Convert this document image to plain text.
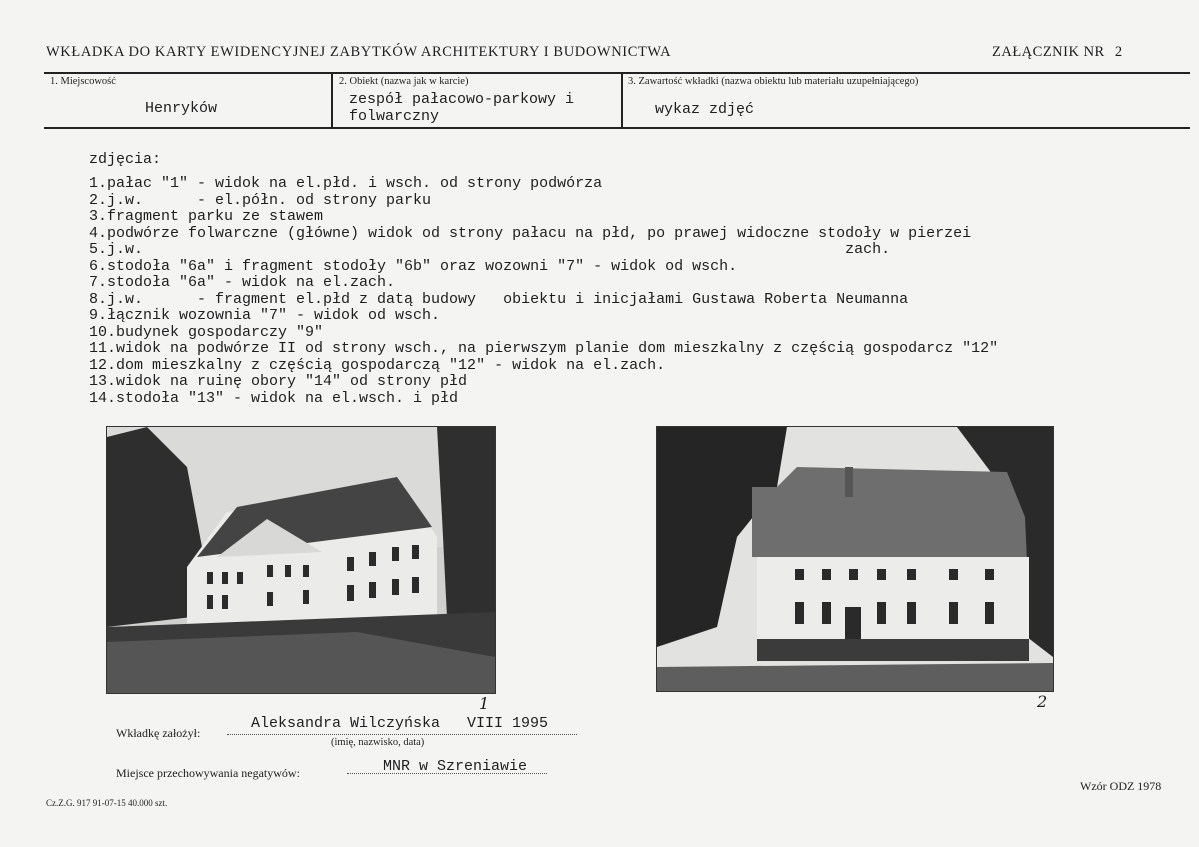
WKŁADKA DO KARTY EWIDENCYJNEJ ZABYTKÓW ARCHITEKTURY I BUDOWNICTWA	ZAŁĄCZNIK NR 2
1. Miejscowość
Henryków
2. Obiekt (nazwa jak w karcie)
zespół pałacowo-parkowy i
folwarczny
3. Zawartość wkładki (nazwa obiektu lub materiału uzupełniającego)
wykaz zdjęć
zdjęcia:
1.pałac "1" - widok na el.płd. i wsch. od strony podwórza
2.j.w.      - el.półn. od strony parku
3.fragment parku ze stawem
4.podwórze folwarczne (główne) widok od strony pałacu na płd, po prawej widoczne stodoły w pierzei
5.j.w.                                                                              zach.
6.stodoła "6a" i fragment stodoły "6b" oraz wozowni "7" - widok od wsch.
7.stodoła "6a" - widok na el.zach.
8.j.w.      - fragment el.płd z datą budowy   obiektu i inicjałami Gustawa Roberta Neumanna
9.łącznik wozownia "7" - widok od wsch.
10.budynek gospodarczy "9"
11.widok na podwórze II od strony wsch., na pierwszym planie dom mieszkalny z częścią gospodarcz "12"
12.dom mieszkalny z częścią gospodarczą "12" - widok na el.zach.
13.widok na ruinę obory "14" od strony płd
14.stodoła "13" - widok na el.wsch. i płd
1	2
Wkładkę założył:
Aleksandra Wilczyńska   VIII 1995
(imię, nazwisko, data)
Miejsce przechowywania negatywów:	MNR w Szreniawie
Cz.Z.G. 917 91-07-15 40.000 szt.
Wzór ODZ 1978
